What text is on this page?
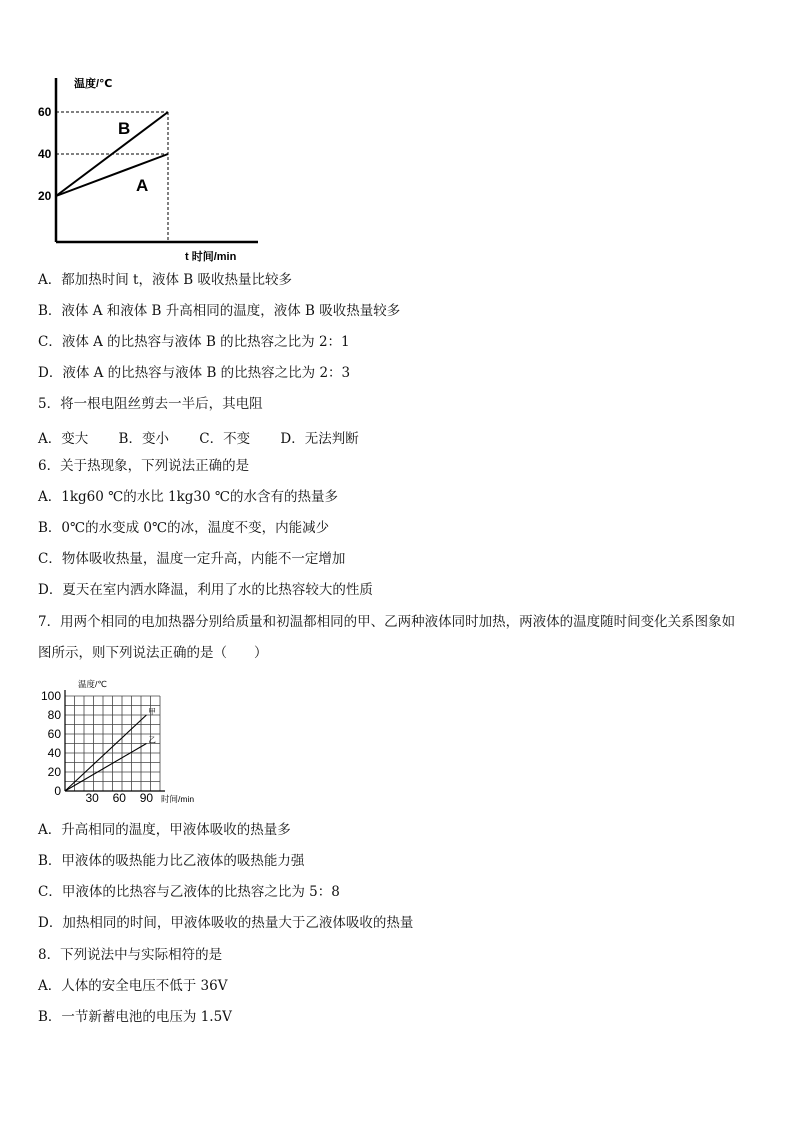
温度/℃
t 时间/min
60
40
20
B
A
温度/℃
时间/min
100
80
60
40
20
0 30 60 90
甲
乙
A．都加热时间 t，液体 B 吸收热量比较多
B．液体 A 和液体 B 升高相同的温度，液体 B 吸收热量较多
C．液体 A 的比热容与液体 B 的比热容之比为 2：1
D．液体 A 的比热容与液体 B 的比热容之比为 2：3
5．将一根电阻丝剪去一半后，其电阻
A．变大 B．变小 C．不变 D．无法判断
6．关于热现象，下列说法正确的是
A．1kg60 ℃的水比 1kg30 ℃的水含有的热量多
B．0℃的水变成 0℃的冰，温度不变，内能减少
C．物体吸收热量，温度一定升高，内能不一定增加
D．夏天在室内洒水降温，利用了水的比热容较大的性质
7．用两个相同的电加热器分别给质量和初温都相同的甲、乙两种液体同时加热，两液体的温度随时间变化关系图象如
图所示，则下列说法正确的是（　　）
A．升高相同的温度，甲液体吸收的热量多
B．甲液体的吸热能力比乙液体的吸热能力强
C．甲液体的比热容与乙液体的比热容之比为 5：8
D．加热相同的时间，甲液体吸收的热量大于乙液体吸收的热量
8．下列说法中与实际相符的是
A．人体的安全电压不低于 36V
B．一节新蓄电池的电压为 1.5V
